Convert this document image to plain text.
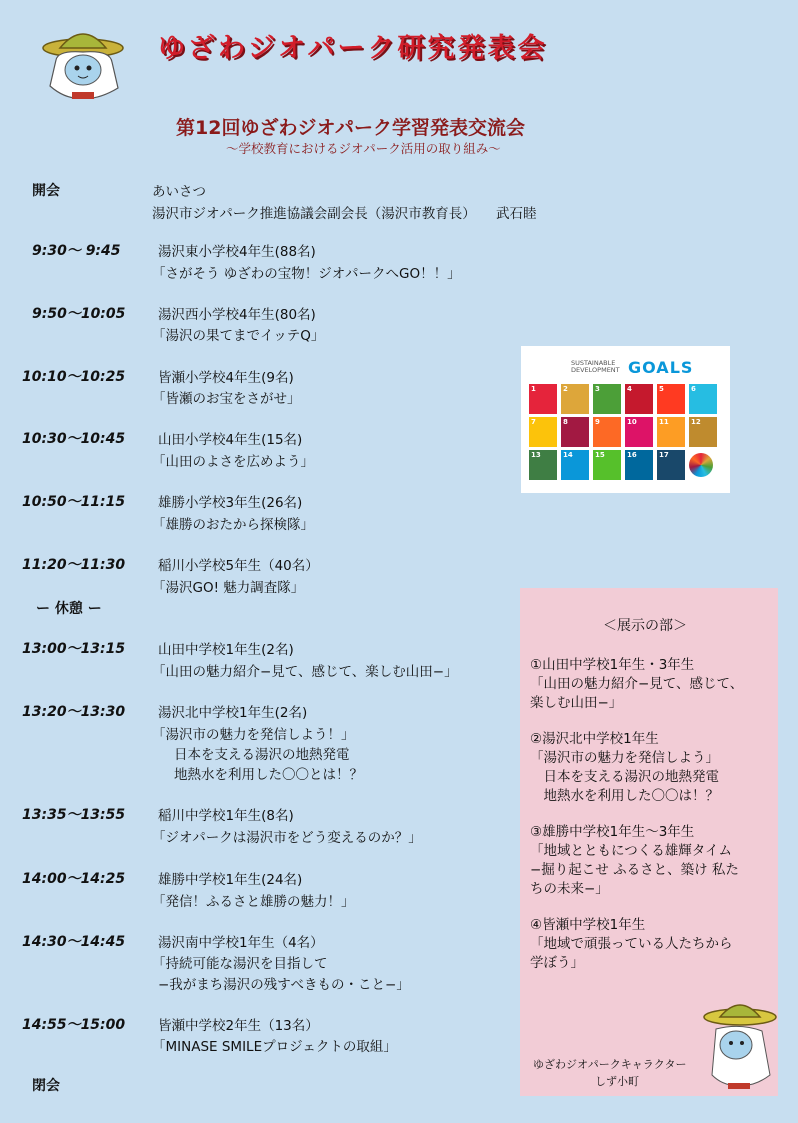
ゆざわジオパーク研究発表会
第12回ゆざわジオパーク学習発表交流会
～学校教育におけるジオパーク活用の取り組み～
開会	あいさつ
湯沢市ジオパーク推進協議会副会長（湯沢市教育長）　　武石睦
9:30～ 9:45	湯沢東小学校4年生(88名)
「さがそう ゆざわの宝物！ジオパークへGO！！」
9:50～10:05 湯沢西小学校4年生(80名)
「湯沢の果てまでイッテQ」
10:10～10:25 皆瀬小学校4年生(9名)
「皆瀬のお宝をさがせ」
10:30～10:45 山田小学校4年生(15名)
「山田のよさを広めよう」
10:50～11:15 雄勝小学校3年生(26名)
「雄勝のおたから探検隊」
11:20～11:30 稲川小学校5年生（40名）
「湯沢GO! 魅力調査隊」
ー 休憩 ー
13:00～13:15 山田中学校1年生(2名)
「山田の魅力紹介−見て、感じて、楽しむ山田−」
13:20～13:30 湯沢北中学校1年生(2名)
「湯沢市の魅力を発信しよう！」
日本を支える湯沢の地熱発電
地熱水を利用した〇〇とは！？
13:35～13:55 稲川中学校1年生(8名)
「ジオパークは湯沢市をどう変えるのか？」
14:00～14:25 雄勝中学校1年生(24名)
「発信！ふるさと雄勝の魅力！」
14:30～14:45 湯沢南中学校1年生（4名）
「持続可能な湯沢を目指して
−我がまち湯沢の残すべきもの・こと−」
14:55～15:00 皆瀬中学校2年生（13名）
「MINASE SMILEプロジェクトの取組」
閉会
SUSTAINABLE
DEVELOPMENT GOALS
1	2	3	4	5	6
7	8	9	10	11	12
13	14	15	16	17
＜展示の部＞
①山田中学校1年生・3年生
「山田の魅力紹介−見て、感じて、
楽しむ山田−」
②湯沢北中学校1年生
「湯沢市の魅力を発信しよう」
　日本を支える湯沢の地熱発電
　地熱水を利用した〇〇は！？
③雄勝中学校1年生～3年生
「地域とともにつくる雄輝タイム
−掘り起こせ ふるさと、築け 私た
ちの未来−」
④皆瀬中学校1年生
「地域で頑張っている人たちから
学ぼう」
ゆざわジオパークキャラクター
しず小町
